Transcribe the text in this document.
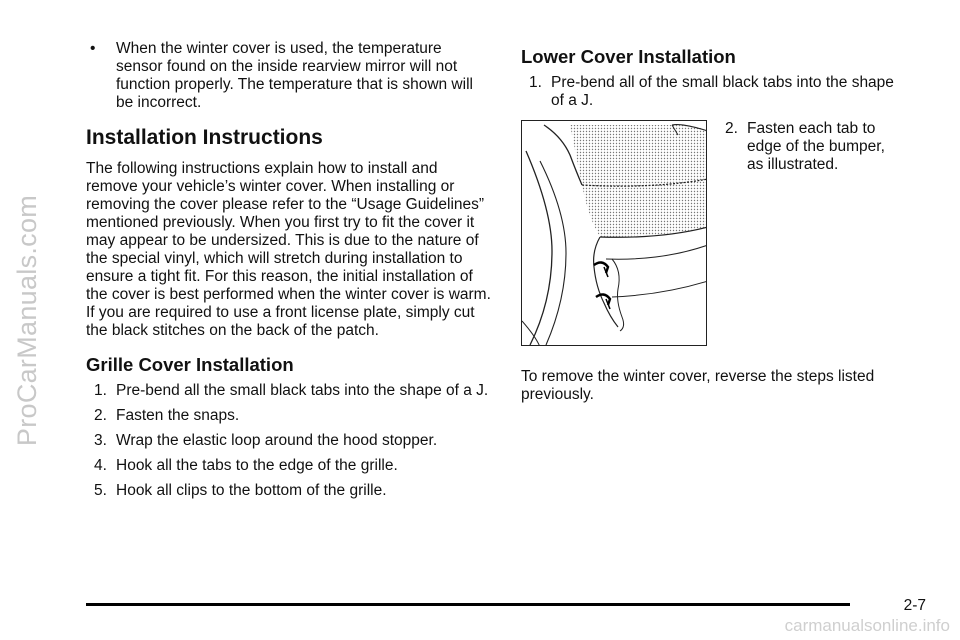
ProCarManuals.com
•	When the winter cover is used, the temperature sensor found on the inside rearview mirror will not function properly. The temperature that is shown will be incorrect.

Installation Instructions

The following instructions explain how to install and remove your vehicle’s winter cover. When installing or removing the cover please refer to the “Usage Guidelines” mentioned previously. When you first try to fit the cover it may appear to be undersized. This is due to the nature of the special vinyl, which will stretch during installation to ensure a tight fit. For this reason, the initial installation of the cover is best performed when the winter cover is warm. If you are required to use a front license plate, simply cut the black stitches on the back of the patch.

Grille Cover Installation
1. Pre-bend all the small black tabs into the shape of a J.
2. Fasten the snaps.
3. Wrap the elastic loop around the hood stopper.
4. Hook all the tabs to the edge of the grille.
5. Hook all clips to the bottom of the grille.
Lower Cover Installation
1. Pre-bend all of the small black tabs into the shape of a J.
2. Fasten each tab to edge of the bumper, as illustrated.

To remove the winter cover, reverse the steps listed previously.

2-7
carmanualsonline.info
